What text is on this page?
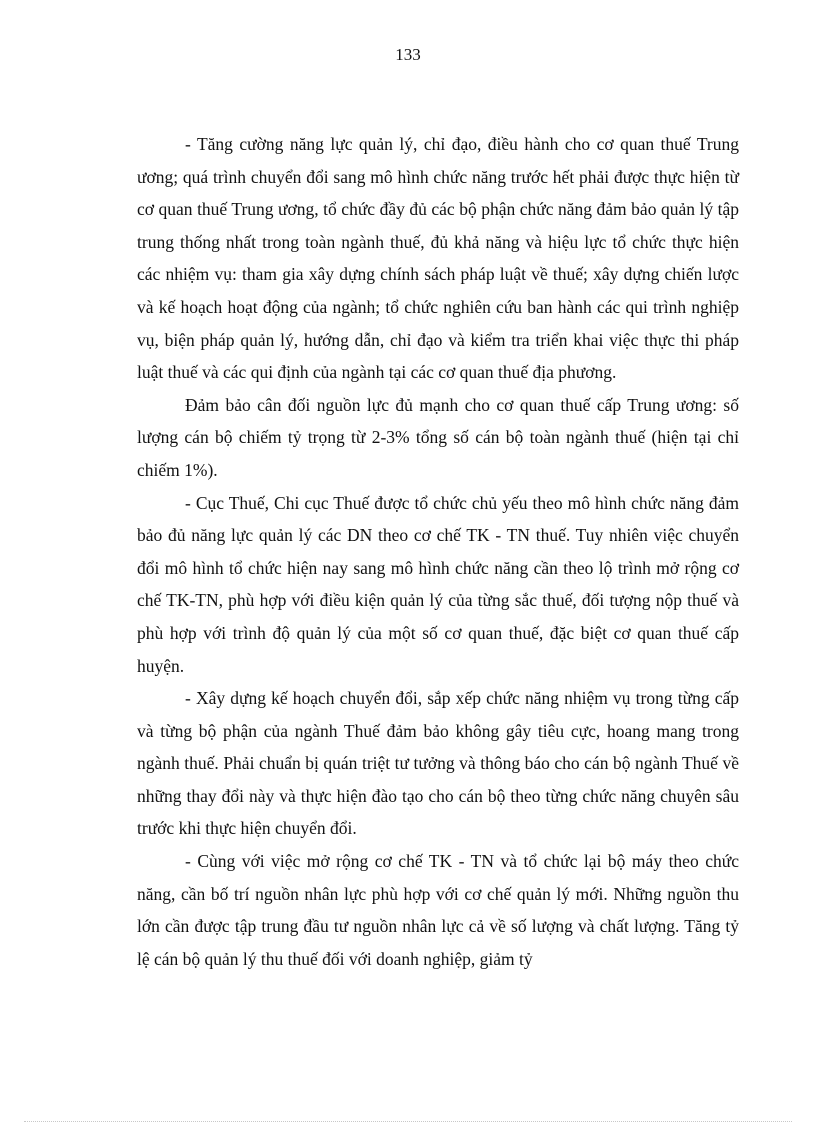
133

- Tăng cường năng lực quản lý, chỉ đạo, điều hành cho cơ quan thuế Trung ương; quá trình chuyển đổi sang mô hình chức năng trước hết phải được thực hiện từ cơ quan thuế Trung ương, tổ chức đầy đủ các bộ phận chức năng đảm bảo quản lý tập trung thống nhất trong toàn ngành thuế, đủ khả năng và hiệu lực tổ chức thực hiện các nhiệm vụ: tham gia xây dựng chính sách pháp luật về thuế; xây dựng chiến lược và kế hoạch hoạt động của ngành; tổ chức nghiên cứu ban hành các qui trình nghiệp vụ, biện pháp quản lý, hướng dẫn, chỉ đạo và kiểm tra triển khai việc thực thi pháp luật thuế và các qui định của ngành tại các cơ quan thuế địa phương.

Đảm bảo cân đối nguồn lực đủ mạnh cho cơ quan thuế cấp Trung ương: số lượng cán bộ chiếm tỷ trọng từ 2-3% tổng số cán bộ toàn ngành thuế (hiện tại chỉ chiếm 1%).

- Cục Thuế, Chi cục Thuế được tổ chức chủ yếu theo mô hình chức năng đảm bảo đủ năng lực quản lý các DN theo cơ chế TK - TN thuế. Tuy nhiên việc chuyển đổi mô hình tổ chức hiện nay sang mô hình chức năng cần theo lộ trình mở rộng cơ chế TK-TN, phù hợp với điều kiện quản lý của từng sắc thuế, đối tượng nộp thuế và phù hợp với trình độ quản lý của một số cơ quan thuế, đặc biệt cơ quan thuế cấp huyện.

- Xây dựng kế hoạch chuyển đổi, sắp xếp chức năng nhiệm vụ trong từng cấp và từng bộ phận của ngành Thuế đảm bảo không gây tiêu cực, hoang mang trong ngành thuế. Phải chuẩn bị quán triệt tư tưởng và thông báo cho cán bộ ngành Thuế về những thay đổi này và thực hiện đào tạo cho cán bộ theo từng chức năng chuyên sâu trước khi thực hiện chuyển đổi.

- Cùng với việc mở rộng cơ chế TK - TN và tổ chức lại bộ máy theo chức năng, cần bố trí nguồn nhân lực phù hợp với cơ chế quản lý mới. Những nguồn thu lớn cần được tập trung đầu tư nguồn nhân lực cả về số lượng và chất lượng. Tăng tỷ lệ cán bộ quản lý thu thuế đối với doanh nghiệp, giảm tỷ
